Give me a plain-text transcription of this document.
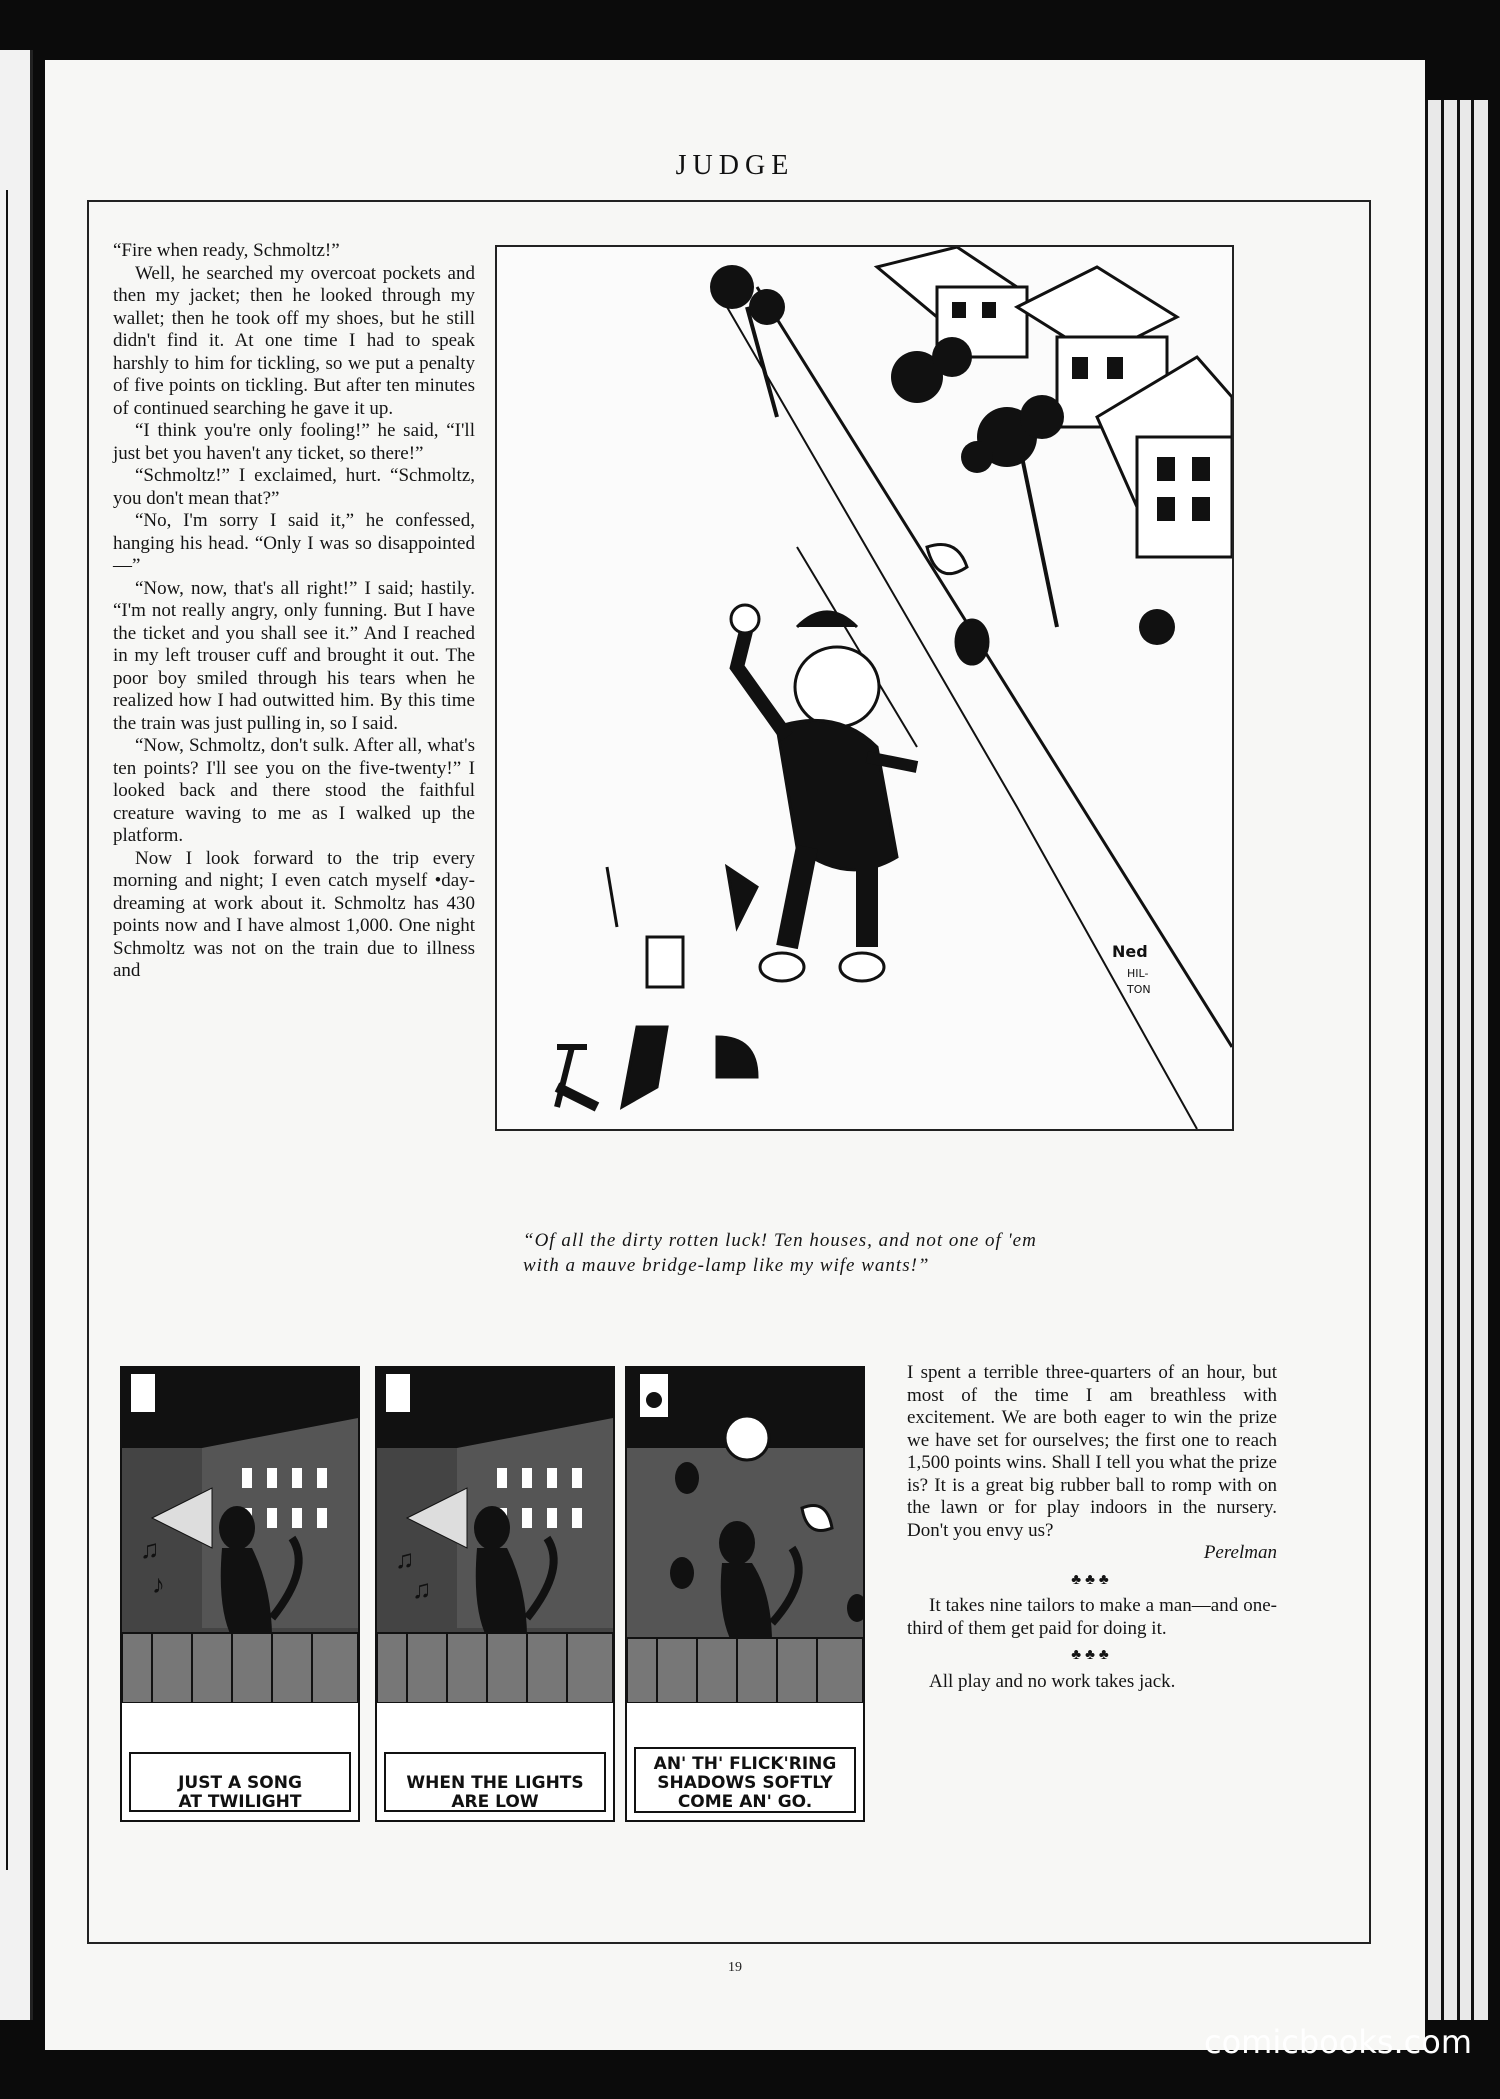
JUDGE

“Fire when ready, Schmoltz!”

Well, he searched my overcoat pockets and then my jacket; then he looked through my wallet; then he took off my shoes, but he still didn't find it. At one time I had to speak harshly to him for tickling, so we put a penalty of five points on tickling. But after ten minutes of continued searching he gave it up.

“I think you're only fooling!” he said, “I'll just bet you haven't any ticket, so there!”

“Schmoltz!” I exclaimed, hurt. “Schmoltz, you don't mean that?”

“No, I'm sorry I said it,” he confessed, hanging his head. “Only I was so disappointed—”

“Now, now, that's all right!” I said; hastily. “I'm not really angry, only funning. But I have the ticket and you shall see it.” And I reached in my left trouser cuff and brought it out. The poor boy smiled through his tears when he realized how I had outwitted him. By this time the train was just pulling in, so I said.

“Now, Schmoltz, don't sulk. After all, what's ten points? I'll see you on the five-twenty!” I looked back and there stood the faithful creature waving to me as I walked up the platform.

Now I look forward to the trip every morning and night; I even catch myself •day-dreaming at work about it. Schmoltz has 430 points now and I have almost 1,000. One night Schmoltz was not on the train due to illness and

Ned
HIL-
TON
“Of all the dirty rotten luck! Ten houses, and not one of 'em
with a mauve bridge-lamp like my wife wants!”
♫
♪
JUST A SONG
AT TWILIGHT
♫
♫
WHEN THE LIGHTS
ARE LOW
AN' TH' FLICK'RING
SHADOWS SOFTLY
COME AN' GO.

I spent a terrible three-quarters of an hour, but most of the time I am breathless with excitement. We are both eager to win the prize we have set for ourselves; the first one to reach 1,500 points wins. Shall I tell you what the prize is? It is a great big rubber ball to romp with on the lawn or for play indoors in the nursery. Don't you envy us?

Perelman
♣♣♣

It takes nine tailors to make a man—and one-third of them get paid for doing it.

♣♣♣

All play and no work takes jack.

19
comicbooks.com
